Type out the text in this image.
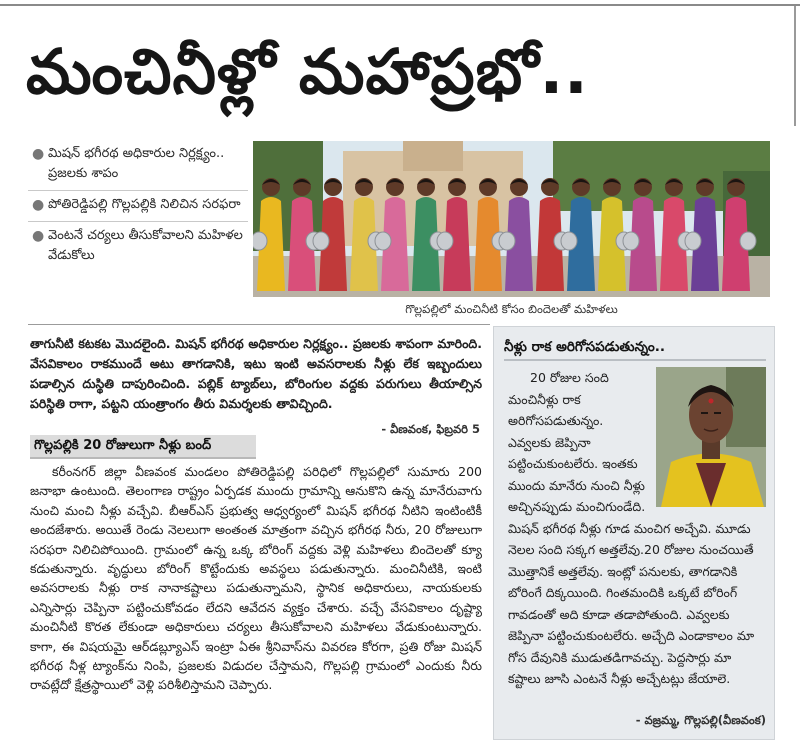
మంచినీళ్లో మహాప్రభో..
● మిషన్ భగీరథ అధికారుల నిర్లక్ష్యం.. ప్రజలకు శాపం
● పోతిరెడ్డిపల్లి గొల్లపల్లికి నిలిచిన సరఫరా
● వెంటనే చర్యలు తీసుకోవాలని మహిళల వేడుకోలు
గొల్లపల్లిలో మంచినీటి కోసం బిందెలతో మహిళలు

తాగునీటి కటకట మొదలైంది. మిషన్ భగీరథ అధికారుల నిర్లక్ష్యం.. ప్రజలకు శాపంగా మారింది. వేసవికాలం రాకముందే అటు తాగడానికి, ఇటు ఇంటి అవసరాలకు నీళ్లు లేక ఇబ్బందులు పడాల్సిన దుస్థితి దాపురించింది. పబ్లిక్ ట్యాబ్‌లు, బోరింగుల వద్దకు పరుగులు తీయాల్సిన పరిస్థితి రాగా, పట్టని యంత్రాంగం తీరు విమర్శలకు తావిచ్చింది.

- వీణవంక, ఫిబ్రవరి 5
గొల్లపల్లికి 20 రోజులుగా నీళ్లు బంద్

కరీంనగర్ జిల్లా వీణవంక మండలం పోతిరెడ్డిపల్లి పరిధిలో గొల్లపల్లిలో సుమారు 200 జనాభా ఉంటుంది. తెలంగాణ రాష్ట్రం ఏర్పడక ముందు గ్రామాన్ని ఆనుకొని ఉన్న మానేరువాగు నుంచి మంచి నీళ్లు వచ్చేవి. బీఆర్ఎస్ ప్రభుత్వ ఆధ్వర్యంలో మిషన్ భగీరథ నీటిని ఇంటింటికీ అందజేశారు. అయితే రెండు నెలలుగా అంతంత మాత్రంగా వచ్చిన భగీరథ నీరు, 20 రోజులుగా సరఫరా నిలిచిపోయింది. గ్రామంలో ఉన్న ఒక్క బోరింగ్ వద్దకు వెళ్లి మహిళలు బిందెలతో క్యూ కడుతున్నారు. వృద్ధులు బోరింగ్ కొట్టేందుకు అవస్థలు పడుతున్నారు. మంచినీటికి, ఇంటి అవసరాలకు నీళ్లు రాక నానాకష్టాలు పడుతున్నామని, స్థానిక అధికారులు, నాయకులకు ఎన్నిసార్లు చెప్పినా పట్టించుకోవడం లేదని ఆవేదన వ్యక్తం చేశారు. వచ్చే వేసవికాలం దృష్ట్యా మంచినీటి కొరత లేకుండా అధికారులు చర్యలు తీసుకోవాలని మహిళలు వేడుకుంటున్నారు. కాగా, ఈ విషయమై ఆర్‌డబ్ల్యూఎస్ ఇంట్రా ఏఈ శ్రీనివాస్‌ను వివరణ కోరగా, ప్రతి రోజు మిషన్ భగీరథ నీళ్ల ట్యాంక్‌ను నింపి, ప్రజలకు విడుదల చేస్తామని, గొల్లపల్లి గ్రామంలో ఎందుకు నీరు రావట్లేదో క్షేత్రస్థాయిలో వెళ్లి పరిశీలిస్తామని చెప్పారు.

నీళ్లు రాక అరిగోసపడుతున్నం..
20 రోజుల సంది మంచినీళ్లు రాక అరిగోసపడుతున్నం. ఎవ్వలకు జెప్పినా పట్టించుకుంటలేరు. ఇంతకు ముందు మానేరు నుంచి నీళ్లు అచ్చినప్పుడు మంచిగుండేది. మిషన్ భగీరథ నీళ్లు గూడ మంచిగ అచ్చేవి. మూడు నెలల సంది సక్కగ అత్తలేవు.20 రోజుల నుంచయితే మొత్తానికే అత్తలేవు. ఇంట్లో పనులకు, తాగడానికి బోరింగే దిక్కయింది. గింతమందికి ఒక్కటే బోరింగ్ గావడంతో అది కూడా తడాపోతుంది. ఎవ్వలకు జెప్పినా పట్టించుకుంటలేరు. అచ్చేది ఎండాకాలం మా గోస దేవునికి ముడుతడిగావచ్చు. పెద్దసార్లు మా కష్టాలు జూసి ఎంటనే నీళ్లు అచ్చేటట్లు జేయాలె.
- వజ్రమ్మ, గొల్లపల్లి(వీణవంక)
